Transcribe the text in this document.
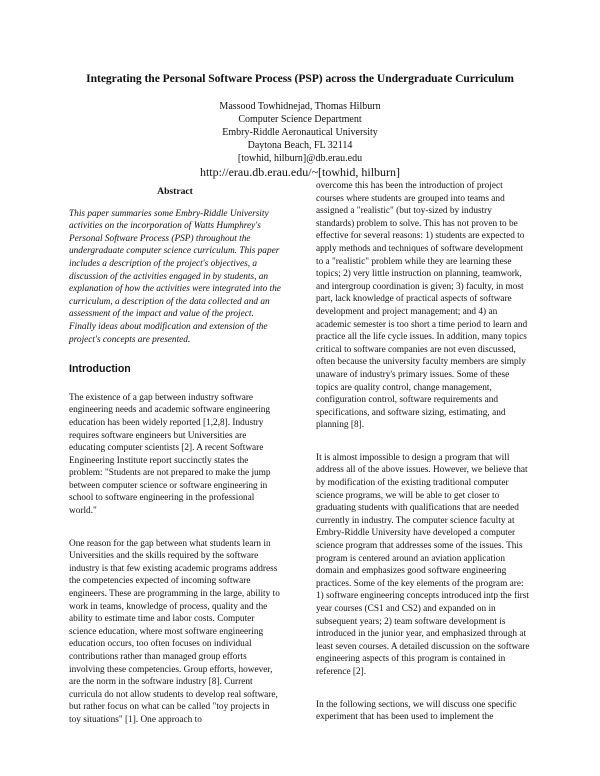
Integrating the Personal Software Process (PSP) across the Undergraduate Curriculum
Massood Towhidnejad, Thomas Hilburn
Computer Science Department
Embry-Riddle Aeronautical University
Daytona Beach, FL 32114
[towhid, hilburn]@db.erau.edu
http://erau.db.erau.edu/~[towhid, hilburn]
Abstract

This paper summaries some Embry-Riddle University activities on the incorporation of Watts Humphrey's Personal Software Process (PSP) throughout the undergraduate computer science curriculum. This paper includes a description of the project's objectives, a discussion of the activities engaged in by students, an explanation of how the activities were integrated into the curriculum, a description of the data collected and an assessment of the impact and value of the project. Finally ideas about modification and extension of the project's concepts are presented.

Introduction

The existence of a gap between industry software engineering needs and academic software engineering education has been widely reported [1,2,8]. Industry requires software engineers but Universities are educating computer scientists [2]. A recent Software Engineering Institute report succinctly states the problem: "Students are not prepared to make the jump between computer science or software engineering in school to software engineering in the professional world."

One reason for the gap between what students learn in Universities and the skills required by the software industry is that few existing academic programs address the competencies expected of incoming software engineers. These are programming in the large, ability to work in teams, knowledge of process, quality and the ability to estimate time and labor costs. Computer science education, where most software engineering education occurs, too often focuses on individual contributions rather than managed group efforts involving these competencies. Group efforts, however, are the norm in the software industry [8]. Current curricula do not allow students to develop real software, but rather focus on what can be called "toy projects in toy situations" [1]. One approach to

overcome this has been the introduction of project courses where students are grouped into teams and assigned a "realistic" (but toy-sized by industry standards) problem to solve. This has not proven to be effective for several reasons: 1) students are expected to apply methods and techniques of software development to a "realistic" problem while they are learning these topics; 2) very little instruction on planning, teamwork, and intergroup coordination is given; 3) faculty, in most part, lack knowledge of practical aspects of software development and project management; and 4) an academic semester is too short a time period to learn and practice all the life cycle issues. In addition, many topics critical to software companies are not even discussed, often because the university faculty members are simply unaware of industry's primary issues. Some of these topics are quality control, change management, configuration control, software requirements and specifications, and software sizing, estimating, and planning [8].

It is almost impossible to design a program that will address all of the above issues. However, we believe that by modification of the existing traditional computer science programs, we will be able to get closer to graduating students with qualifications that are needed currently in industry. The computer science faculty at Embry-Riddle University have developed a computer science program that addresses some of the issues. This program is centered around an aviation application domain and emphasizes good software engineering practices. Some of the key elements of the program are: 1) software engineering concepts introduced intp the first year courses (CS1 and CS2) and expanded on in subsequent years; 2) team software development is introduced in the junior year, and emphasized through at least seven courses. A detailed discussion on the software engineering aspects of this program is contained in reference [2].

In the following sections, we will discuss one specific experiment that has been used to implement the
